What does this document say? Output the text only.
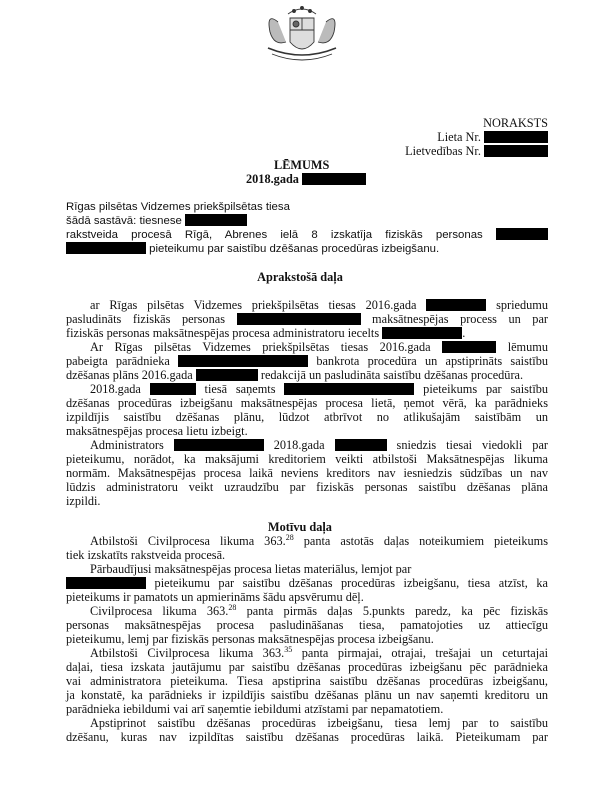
NORAKSTS
Lieta Nr.
Lietvedības Nr.
LĒMUMS
2018.gada
Rīgas pilsētas Vidzemes priekšpilsētas tiesa
šādā sastāvā: tiesnese
rakstveida procesā Rīgā, Abrenes ielā 8 izskatīja fiziskās personas
pieteikumu par saistību dzēšanas procedūras izbeigšanu.
Aprakstošā daļa
ar Rīgas pilsētas Vidzemes priekšpilsētas tiesas 2016.gada	spriedumu
pasludināts fiziskās personas	maksātnespējas process un par
fiziskās personas maksātnespējas procesa administratoru iecelts	.
Ar Rīgas pilsētas Vidzemes priekšpilsētas tiesas 2016.gada	lēmumu
pabeigta parādnieka	bankrota procedūra un apstiprināts saistību
dzēšanas plāns 2016.gada	redakcijā un pasludināta saistību dzēšanas procedūra.
2018.gada	tiesā saņemts	pieteikums par saistību
dzēšanas procedūras izbeigšanu maksātnespējas procesa lietā, ņemot vērā, ka parādnieks
izpildījis saistību dzēšanas plānu, lūdzot atbrīvot no atlikušajām saistībām un
maksātnespējas procesa lietu izbeigt.
Administrators	2018.gada	sniedzis tiesai viedokli par
pieteikumu, norādot, ka maksājumi kreditoriem veikti atbilstoši Maksātnespējas likuma
normām. Maksātnespējas procesa laikā neviens kreditors nav iesniedzis sūdzības un nav
lūdzis administratoru veikt uzraudzību par fiziskās personas saistību dzēšanas plāna
izpildi.
Motīvu daļa
Atbilstoši Civilprocesa likuma 363.28 panta astotās daļas noteikumiem pieteikums
tiek izskatīts rakstveida procesā.
Pārbaudījusi maksātnespējas procesa lietas materiālus, lemjot par
pieteikumu par saistību dzēšanas procedūras izbeigšanu, tiesa atzīst, ka
pieteikums ir pamatots un apmierināms šādu apsvērumu dēļ.
Civilprocesa likuma 363.28 panta pirmās daļas 5.punkts paredz, ka pēc fiziskās
personas maksātnespējas procesa pasludināšanas tiesa, pamatojoties uz attiecīgu
pieteikumu, lemj par fiziskās personas maksātnespējas procesa izbeigšanu.
Atbilstoši Civilprocesa likuma 363.35 panta pirmajai, otrajai, trešajai un ceturtajai
daļai, tiesa izskata jautājumu par saistību dzēšanas procedūras izbeigšanu pēc parādnieka
vai administratora pieteikuma. Tiesa apstiprina saistību dzēšanas procedūras izbeigšanu,
ja konstatē, ka parādnieks ir izpildījis saistību dzēšanas plānu un nav saņemti kreditoru un
parādnieka iebildumi vai arī saņemtie iebildumi atzīstami par nepamatotiem.
Apstiprinot saistību dzēšanas procedūras izbeigšanu, tiesa lemj par to saistību
dzēšanu, kuras nav izpildītas saistību dzēšanas procedūras laikā. Pieteikumam par
